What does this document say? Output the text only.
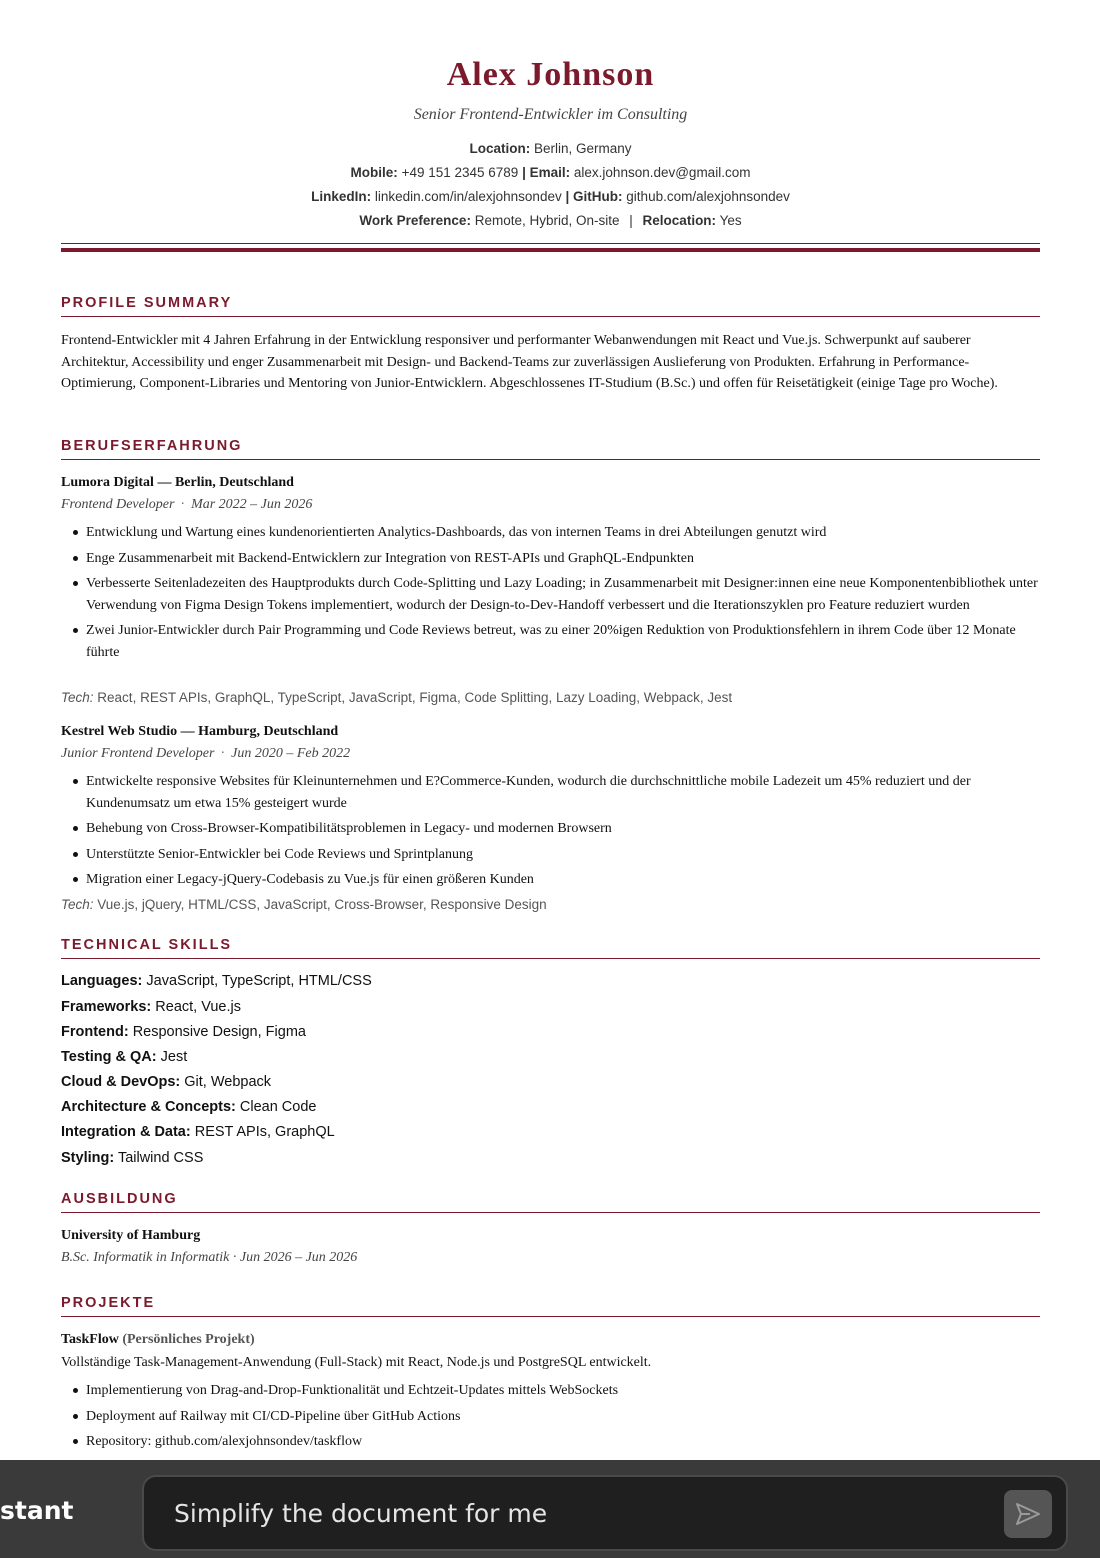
Alex Johnson
Senior Frontend-Entwickler im Consulting
Location: Berlin, Germany
Mobile: +49 151 2345 6789 | Email: alex.johnson.dev@gmail.com
LinkedIn: linkedin.com/in/alexjohnsondev | GitHub: github.com/alexjohnsondev
Work Preference: Remote, Hybrid, On-site | Relocation: Yes
PROFILE SUMMARY
Frontend-Entwickler mit 4 Jahren Erfahrung in der Entwicklung responsiver und performanter Webanwendungen mit React und Vue.js. Schwerpunkt auf sauberer Architektur, Accessibility und enger Zusammenarbeit mit Design- und Backend-Teams zur zuverlässigen Auslieferung von Produkten. Erfahrung in Performance-Optimierung, Component-Libraries und Mentoring von Junior-Entwicklern. Abgeschlossenes IT-Studium (B.Sc.) und offen für Reisetätigkeit (einige Tage pro Woche).
BERUFSERFAHRUNG
Lumora Digital — Berlin, Deutschland
Frontend Developer · Mar 2022 – Jun 2026
Entwicklung und Wartung eines kundenorientierten Analytics-Dashboards, das von internen Teams in drei Abteilungen genutzt wird
Enge Zusammenarbeit mit Backend-Entwicklern zur Integration von REST-APIs und GraphQL-Endpunkten
Verbesserte Seitenladezeiten des Hauptprodukts durch Code-Splitting und Lazy Loading; in Zusammenarbeit mit Designer:innen eine neue Komponentenbibliothek unter Verwendung von Figma Design Tokens implementiert, wodurch der Design-to-Dev-Handoff verbessert und die Iterationszyklen pro Feature reduziert wurden
Zwei Junior-Entwickler durch Pair Programming und Code Reviews betreut, was zu einer 20%igen Reduktion von Produktionsfehlern in ihrem Code über 12 Monate führte
Tech: React, REST APIs, GraphQL, TypeScript, JavaScript, Figma, Code Splitting, Lazy Loading, Webpack, Jest
Kestrel Web Studio — Hamburg, Deutschland
Junior Frontend Developer · Jun 2020 – Feb 2022
Entwickelte responsive Websites für Kleinunternehmen und E?Commerce-Kunden, wodurch die durchschnittliche mobile Ladezeit um 45% reduziert und der Kundenumsatz um etwa 15% gesteigert wurde
Behebung von Cross-Browser-Kompatibilitätsproblemen in Legacy- und modernen Browsern
Unterstützte Senior-Entwickler bei Code Reviews und Sprintplanung
Migration einer Legacy-jQuery-Codebasis zu Vue.js für einen größeren Kunden
Tech: Vue.js, jQuery, HTML/CSS, JavaScript, Cross-Browser, Responsive Design
TECHNICAL SKILLS
Languages: JavaScript, TypeScript, HTML/CSS
Frameworks: React, Vue.js
Frontend: Responsive Design, Figma
Testing & QA: Jest
Cloud & DevOps: Git, Webpack
Architecture & Concepts: Clean Code
Integration & Data: REST APIs, GraphQL
Styling: Tailwind CSS
AUSBILDUNG
University of Hamburg
B.Sc. Informatik in Informatik · Jun 2026 – Jun 2026
PROJEKTE
TaskFlow (Persönliches Projekt)
Vollständige Task-Management-Anwendung (Full-Stack) mit React, Node.js und PostgreSQL entwickelt.
Implementierung von Drag-and-Drop-Funktionalität und Echtzeit-Updates mittels WebSockets
Deployment auf Railway mit CI/CD-Pipeline über GitHub Actions
Repository: github.com/alexjohnsondev/taskflow
stant
Simplify the document for me
